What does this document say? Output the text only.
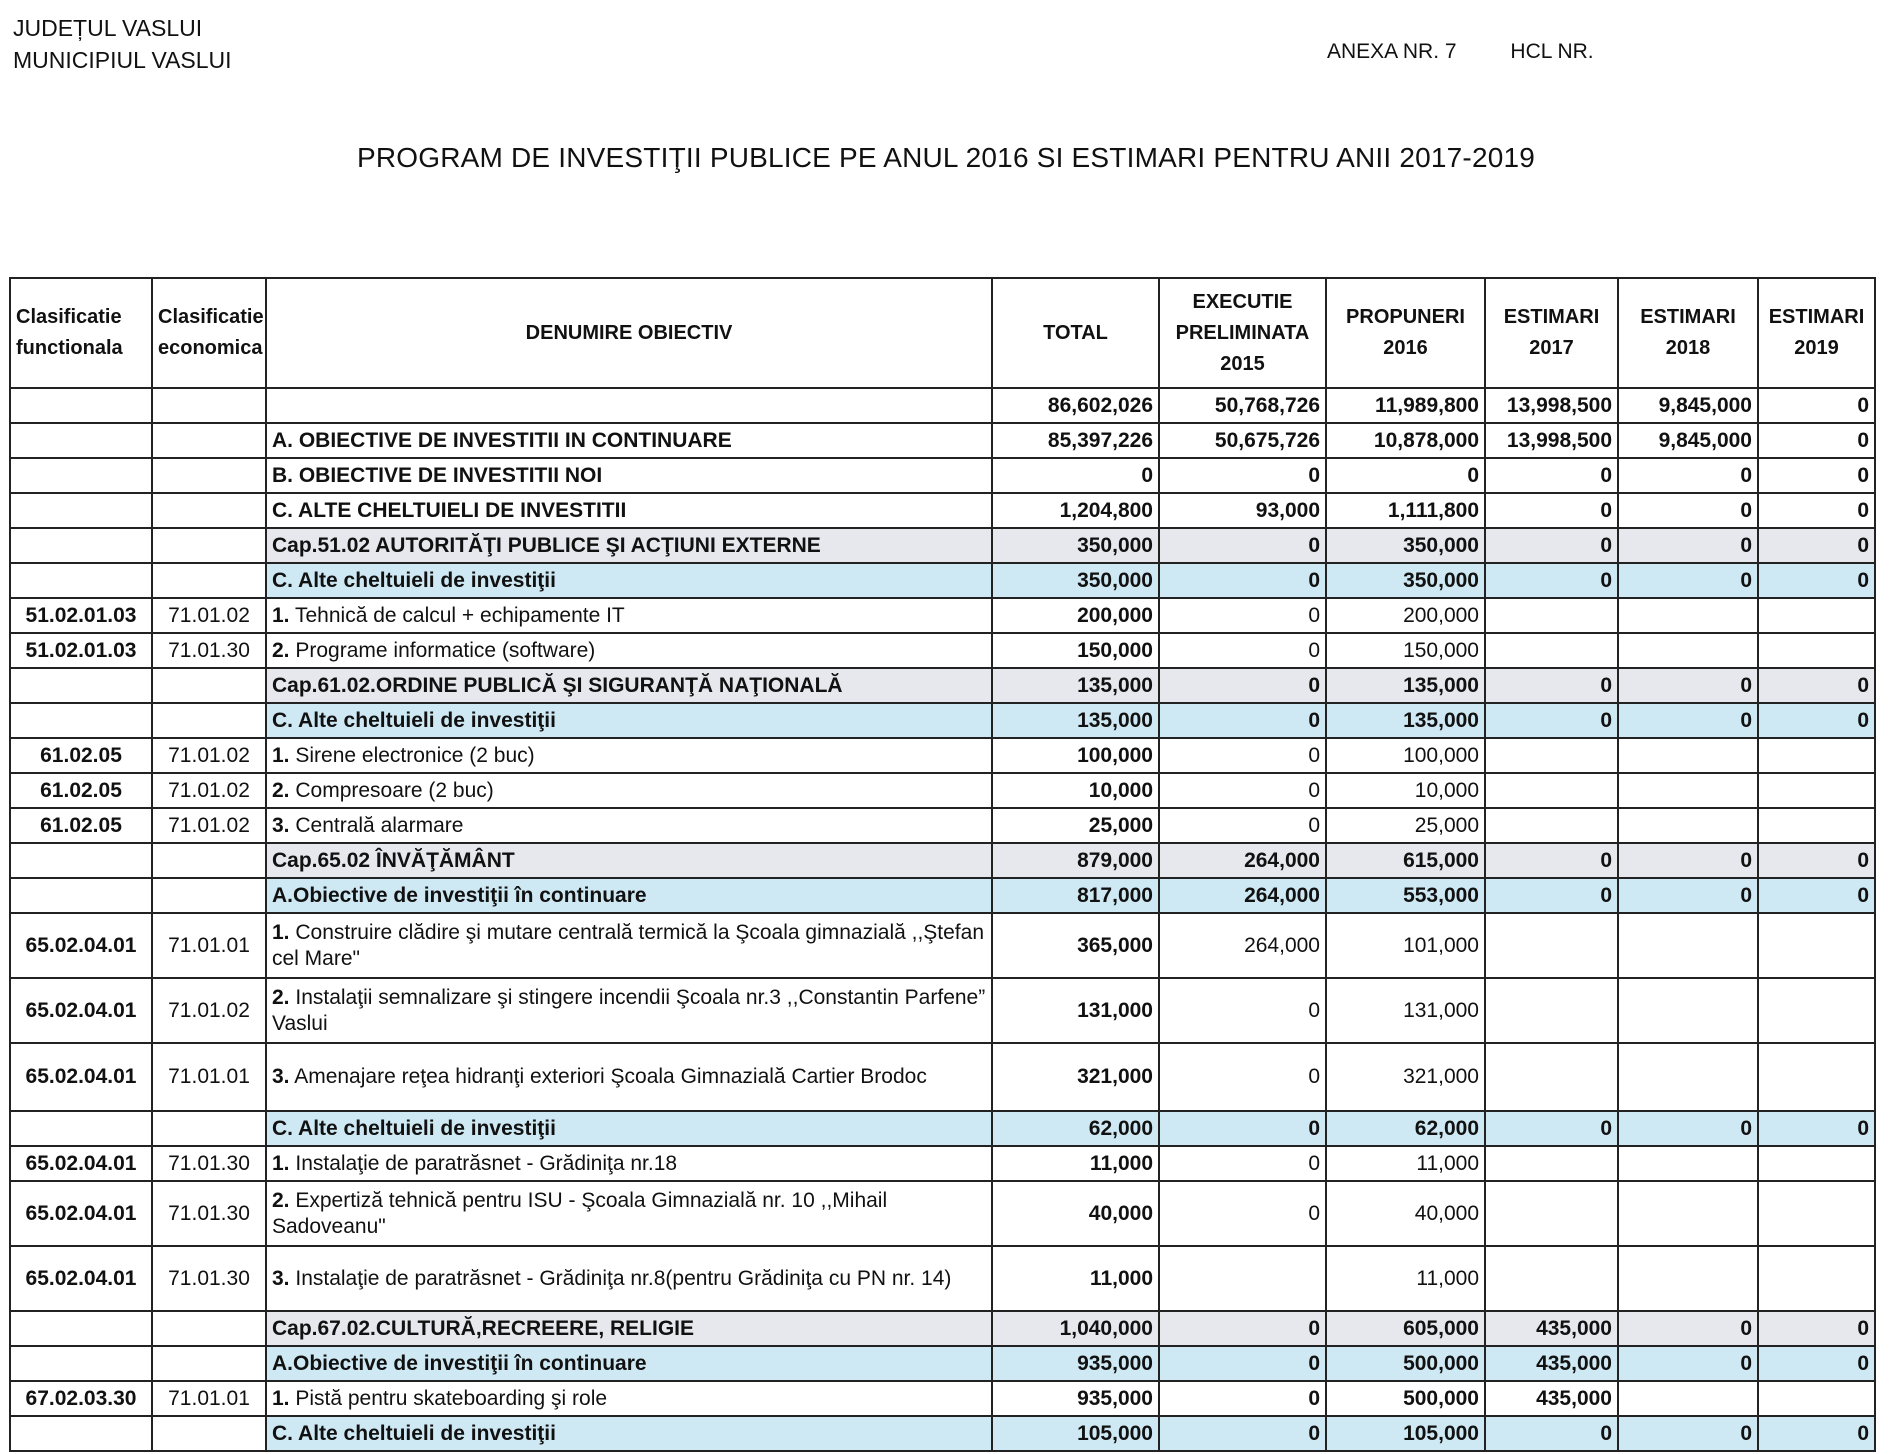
JUDEȚUL VASLUI
MUNICIPIUL VASLUI	ANEXA NR. 7	HCL NR.
PROGRAM DE INVESTIŢII PUBLICE PE ANUL 2016 SI ESTIMARI PENTRU ANII 2017-2019
Clasificatie functionala	Clasificatie economica	DENUMIRE OBIECTIV	TOTAL	EXECUTIE PRELIMINATA 2015	PROPUNERI 2016	ESTIMARI 2017	ESTIMARI 2018	ESTIMARI 2019
			86,602,026	50,768,726	11,989,800	13,998,500	9,845,000	0
		A. OBIECTIVE DE INVESTITII IN CONTINUARE	85,397,226	50,675,726	10,878,000	13,998,500	9,845,000	0
		B. OBIECTIVE DE INVESTITII NOI	0	0	0	0	0	0
		C. ALTE CHELTUIELI DE INVESTITII	1,204,800	93,000	1,111,800	0	0	0
		Cap.51.02 AUTORITĂŢI PUBLICE ŞI ACŢIUNI EXTERNE	350,000	0	350,000	0	0	0
		C. Alte cheltuieli de investiţii	350,000	0	350,000	0	0	0
51.02.01.03	71.01.02	1. Tehnică de calcul + echipamente IT	200,000	0	200,000			
51.02.01.03	71.01.30	2. Programe informatice (software)	150,000	0	150,000			
		Cap.61.02.ORDINE PUBLICĂ ŞI SIGURANŢĂ NAŢIONALĂ	135,000	0	135,000	0	0	0
		C. Alte cheltuieli de investiţii	135,000	0	135,000	0	0	0
61.02.05	71.01.02	1. Sirene electronice (2 buc)	100,000	0	100,000			
61.02.05	71.01.02	2. Compresoare (2 buc)	10,000	0	10,000			
61.02.05	71.01.02	3. Centrală alarmare	25,000	0	25,000			
		Cap.65.02 ÎNVĂŢĂMÂNT	879,000	264,000	615,000	0	0	0
		A.Obiective de investiţii în continuare	817,000	264,000	553,000	0	0	0
65.02.04.01	71.01.01	1. Construire clădire şi mutare centrală termică la Şcoala gimnazială ,,Ştefan cel Mare"	365,000	264,000	101,000			
65.02.04.01	71.01.02	2. Instalaţii semnalizare şi stingere incendii Şcoala nr.3 ,,Constantin Parfene” Vaslui	131,000	0	131,000			
65.02.04.01	71.01.01	3. Amenajare reţea hidranţi exteriori Şcoala Gimnazială Cartier Brodoc	321,000	0	321,000			
		C. Alte cheltuieli de investiţii	62,000	0	62,000	0	0	0
65.02.04.01	71.01.30	1. Instalaţie de paratrăsnet - Grădiniţa nr.18	11,000	0	11,000			
65.02.04.01	71.01.30	2. Expertiză tehnică pentru ISU - Şcoala Gimnazială nr. 10 ,,Mihail Sadoveanu"	40,000	0	40,000			
65.02.04.01	71.01.30	3. Instalaţie de paratrăsnet - Grădiniţa nr.8(pentru Grădiniţa cu PN nr. 14)	11,000		11,000			
		Cap.67.02.CULTURĂ,RECREERE, RELIGIE	1,040,000	0	605,000	435,000	0	0
		A.Obiective de investiţii în continuare	935,000	0	500,000	435,000	0	0
67.02.03.30	71.01.01	1. Pistă pentru skateboarding şi role	935,000	0	500,000	435,000		
		C. Alte cheltuieli de investiţii	105,000	0	105,000	0	0	0
